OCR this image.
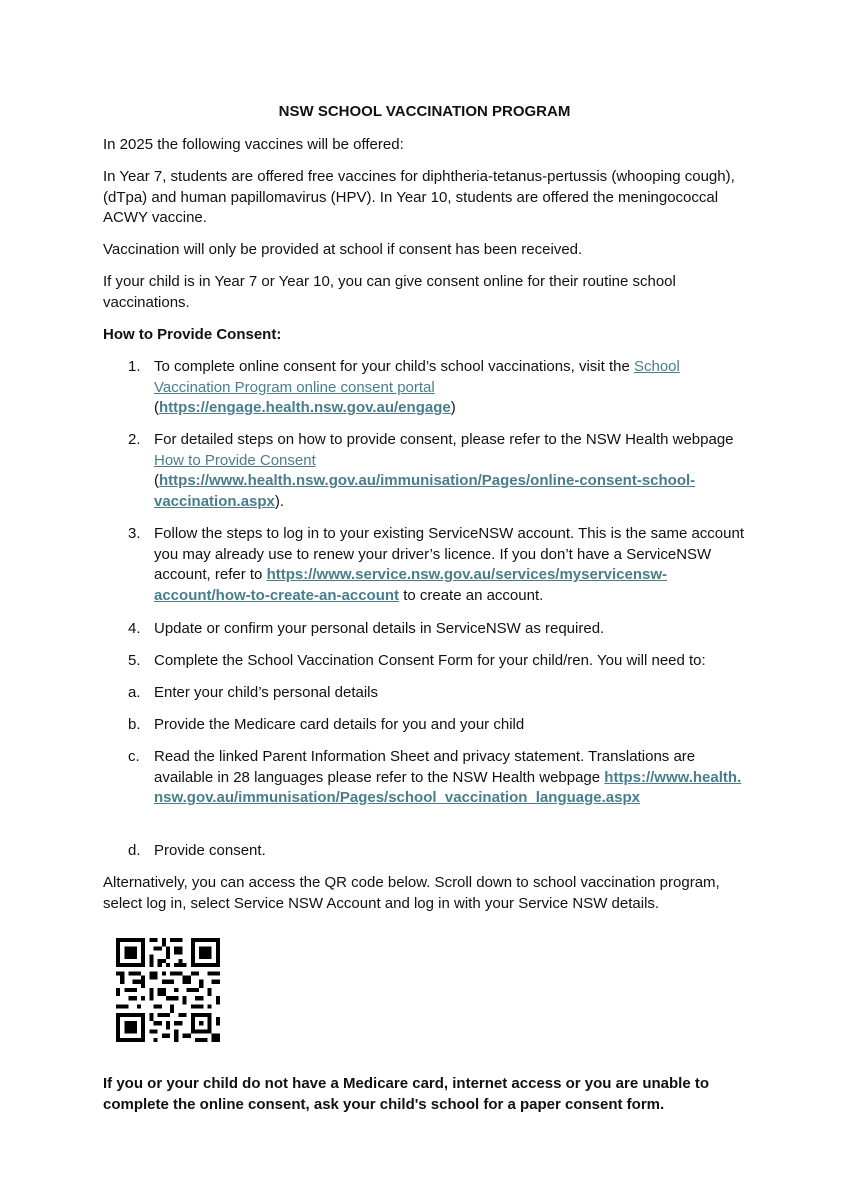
NSW SCHOOL VACCINATION PROGRAM

In 2025 the following vaccines will be offered:

In Year 7, students are offered free vaccines for diphtheria-tetanus-pertussis (whooping cough), (dTpa) and human papillomavirus (HPV). In Year 10, students are offered the meningococcal ACWY vaccine.

Vaccination will only be provided at school if consent has been received.

If your child is in Year 7 or Year 10, you can give consent online for their routine school vaccinations.

How to Provide Consent:

1. To complete online consent for your child’s school vaccinations, visit the School Vaccination Program online consent portal
(https://engage.health.nsw.gov.au/engage)
2. For detailed steps on how to provide consent, please refer to the NSW Health webpage How to Provide Consent
(https://www.health.nsw.gov.au/immunisation/Pages/online-consent-school-vaccination.aspx).
3. Follow the steps to log in to your existing ServiceNSW account. This is the same account you may already use to renew your driver’s licence. If you don’t have a ServiceNSW account, refer to https://www.service.nsw.gov.au/services/myservicensw-account/how-to-create-an-account to create an account.
4. Update or confirm your personal details in ServiceNSW as required.
5. Complete the School Vaccination Consent Form for your child/ren. You will need to:
a. Enter your child’s personal details
b. Provide the Medicare card details for you and your child
c. Read the linked Parent Information Sheet and privacy statement. Translations are available in 28 languages please refer to the NSW Health webpage https://www.health.nsw.gov.au/immunisation/Pages/school_vaccination_language.aspx
d. Provide consent.

Alternatively, you can access the QR code below. Scroll down to school vaccination program, select log in, select Service NSW Account and log in with your Service NSW details.

If you or your child do not have a Medicare card, internet access or you are unable to complete the online consent, ask your child's school for a paper consent form.
